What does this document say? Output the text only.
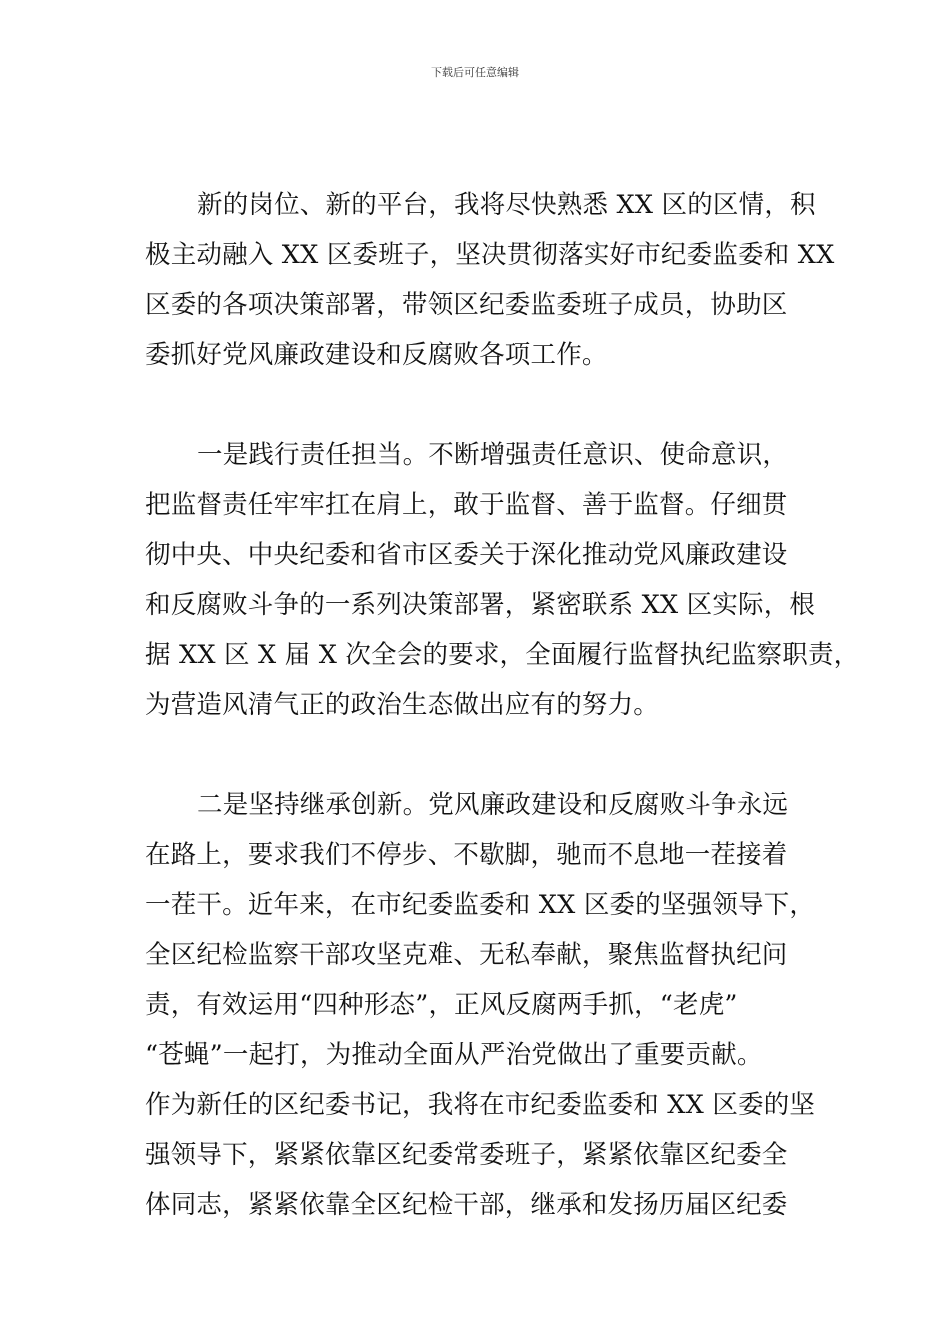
下载后可任意编辑

新的岗位、新的平台，我将尽快熟悉 XX 区的区情，积
极主动融入 XX 区委班子，坚决贯彻落实好市纪委监委和 XX
区委的各项决策部署，带领区纪委监委班子成员，协助区
委抓好党风廉政建设和反腐败各项工作。

一是践行责任担当。不断增强责任意识、使命意识，
把监督责任牢牢扛在肩上，敢于监督、善于监督。仔细贯
彻中央、中央纪委和省市区委关于深化推动党风廉政建设
和反腐败斗争的一系列决策部署，紧密联系 XX 区实际，根
据 XX 区 X 届 X 次全会的要求，全面履行监督执纪监察职责，
为营造风清气正的政治生态做出应有的努力。

二是坚持继承创新。党风廉政建设和反腐败斗争永远
在路上，要求我们不停步、不歇脚，驰而不息地一茬接着
一茬干。近年来，在市纪委监委和 XX 区委的坚强领导下，
全区纪检监察干部攻坚克难、无私奉献，聚焦监督执纪问
责，有效运用“四种形态”，正风反腐两手抓，“老虎”
“苍蝇”一起打，为推动全面从严治党做出了重要贡献。
作为新任的区纪委书记，我将在市纪委监委和 XX 区委的坚
强领导下，紧紧依靠区纪委常委班子，紧紧依靠区纪委全
体同志，紧紧依靠全区纪检干部，继承和发扬历届区纪委
